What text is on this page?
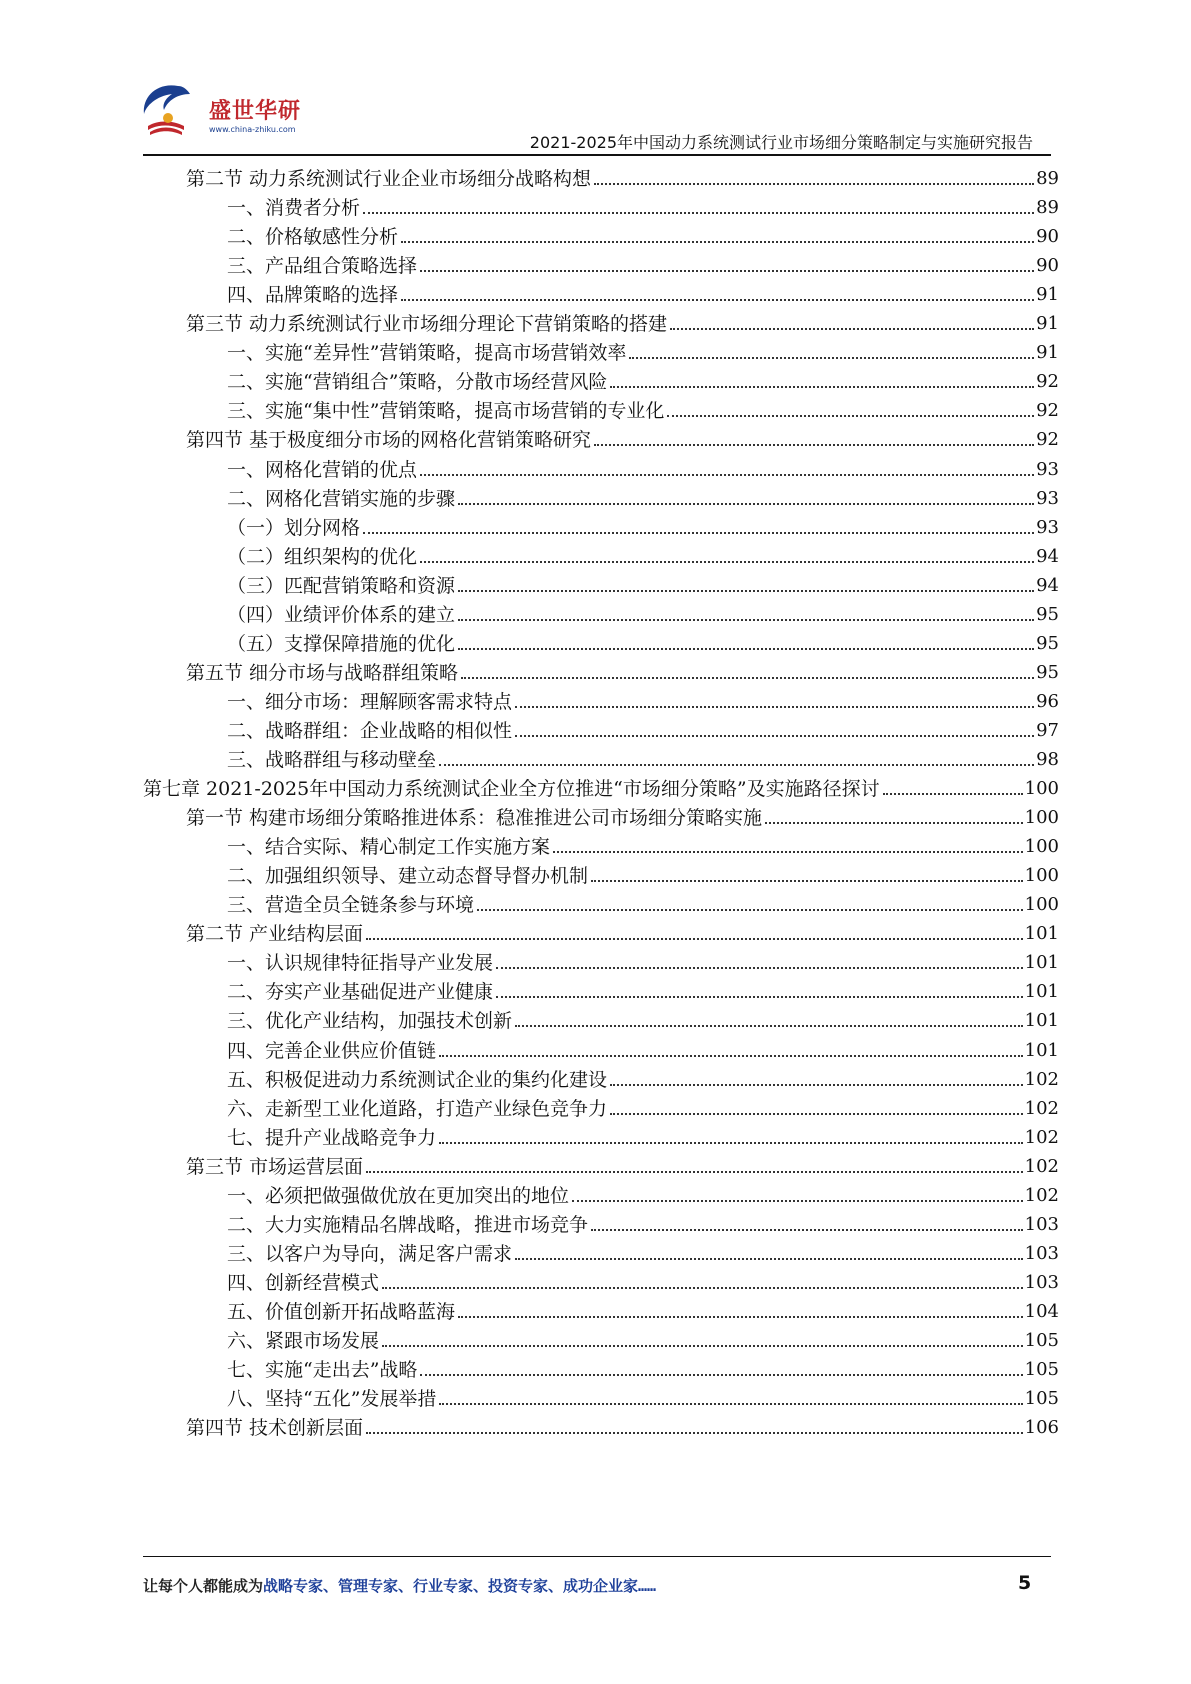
盛世华研
www.china-zhiku.com
2021-2025年中国动力系统测试行业市场细分策略制定与实施研究报告
第二节 动力系统测试行业企业市场细分战略构想	89
一、消费者分析	89
二、价格敏感性分析	90
三、产品组合策略选择	90
四、品牌策略的选择	91
第三节 动力系统测试行业市场细分理论下营销策略的搭建	91
一、实施“差异性”营销策略，提高市场营销效率	91
二、实施“营销组合”策略，分散市场经营风险	92
三、实施“集中性”营销策略，提高市场营销的专业化	92
第四节 基于极度细分市场的网格化营销策略研究	92
一、网格化营销的优点	93
二、网格化营销实施的步骤	93
（一）划分网格	93
（二）组织架构的优化	94
（三）匹配营销策略和资源	94
（四）业绩评价体系的建立	95
（五）支撑保障措施的优化	95
第五节 细分市场与战略群组策略	95
一、细分市场：理解顾客需求特点	96
二、战略群组：企业战略的相似性	97
三、战略群组与移动壁垒	98
第七章 2021-2025年中国动力系统测试企业全方位推进“市场细分策略”及实施路径探讨	100
第一节 构建市场细分策略推进体系：稳准推进公司市场细分策略实施	100
一、结合实际、精心制定工作实施方案	100
二、加强组织领导、建立动态督导督办机制	100
三、营造全员全链条参与环境	100
第二节 产业结构层面	101
一、认识规律特征指导产业发展	101
二、夯实产业基础促进产业健康	101
三、优化产业结构，加强技术创新	101
四、完善企业供应价值链	101
五、积极促进动力系统测试企业的集约化建设	102
六、走新型工业化道路，打造产业绿色竞争力	102
七、提升产业战略竞争力	102
第三节 市场运营层面	102
一、必须把做强做优放在更加突出的地位	102
二、大力实施精品名牌战略，推进市场竞争	103
三、以客户为导向，满足客户需求	103
四、创新经营模式	103
五、价值创新开拓战略蓝海	104
六、紧跟市场发展	105
七、实施“走出去”战略	105
八、坚持“五化”发展举措	105
第四节 技术创新层面	106
让每个人都能成为战略专家、管理专家、行业专家、投资专家、成功企业家……	5
